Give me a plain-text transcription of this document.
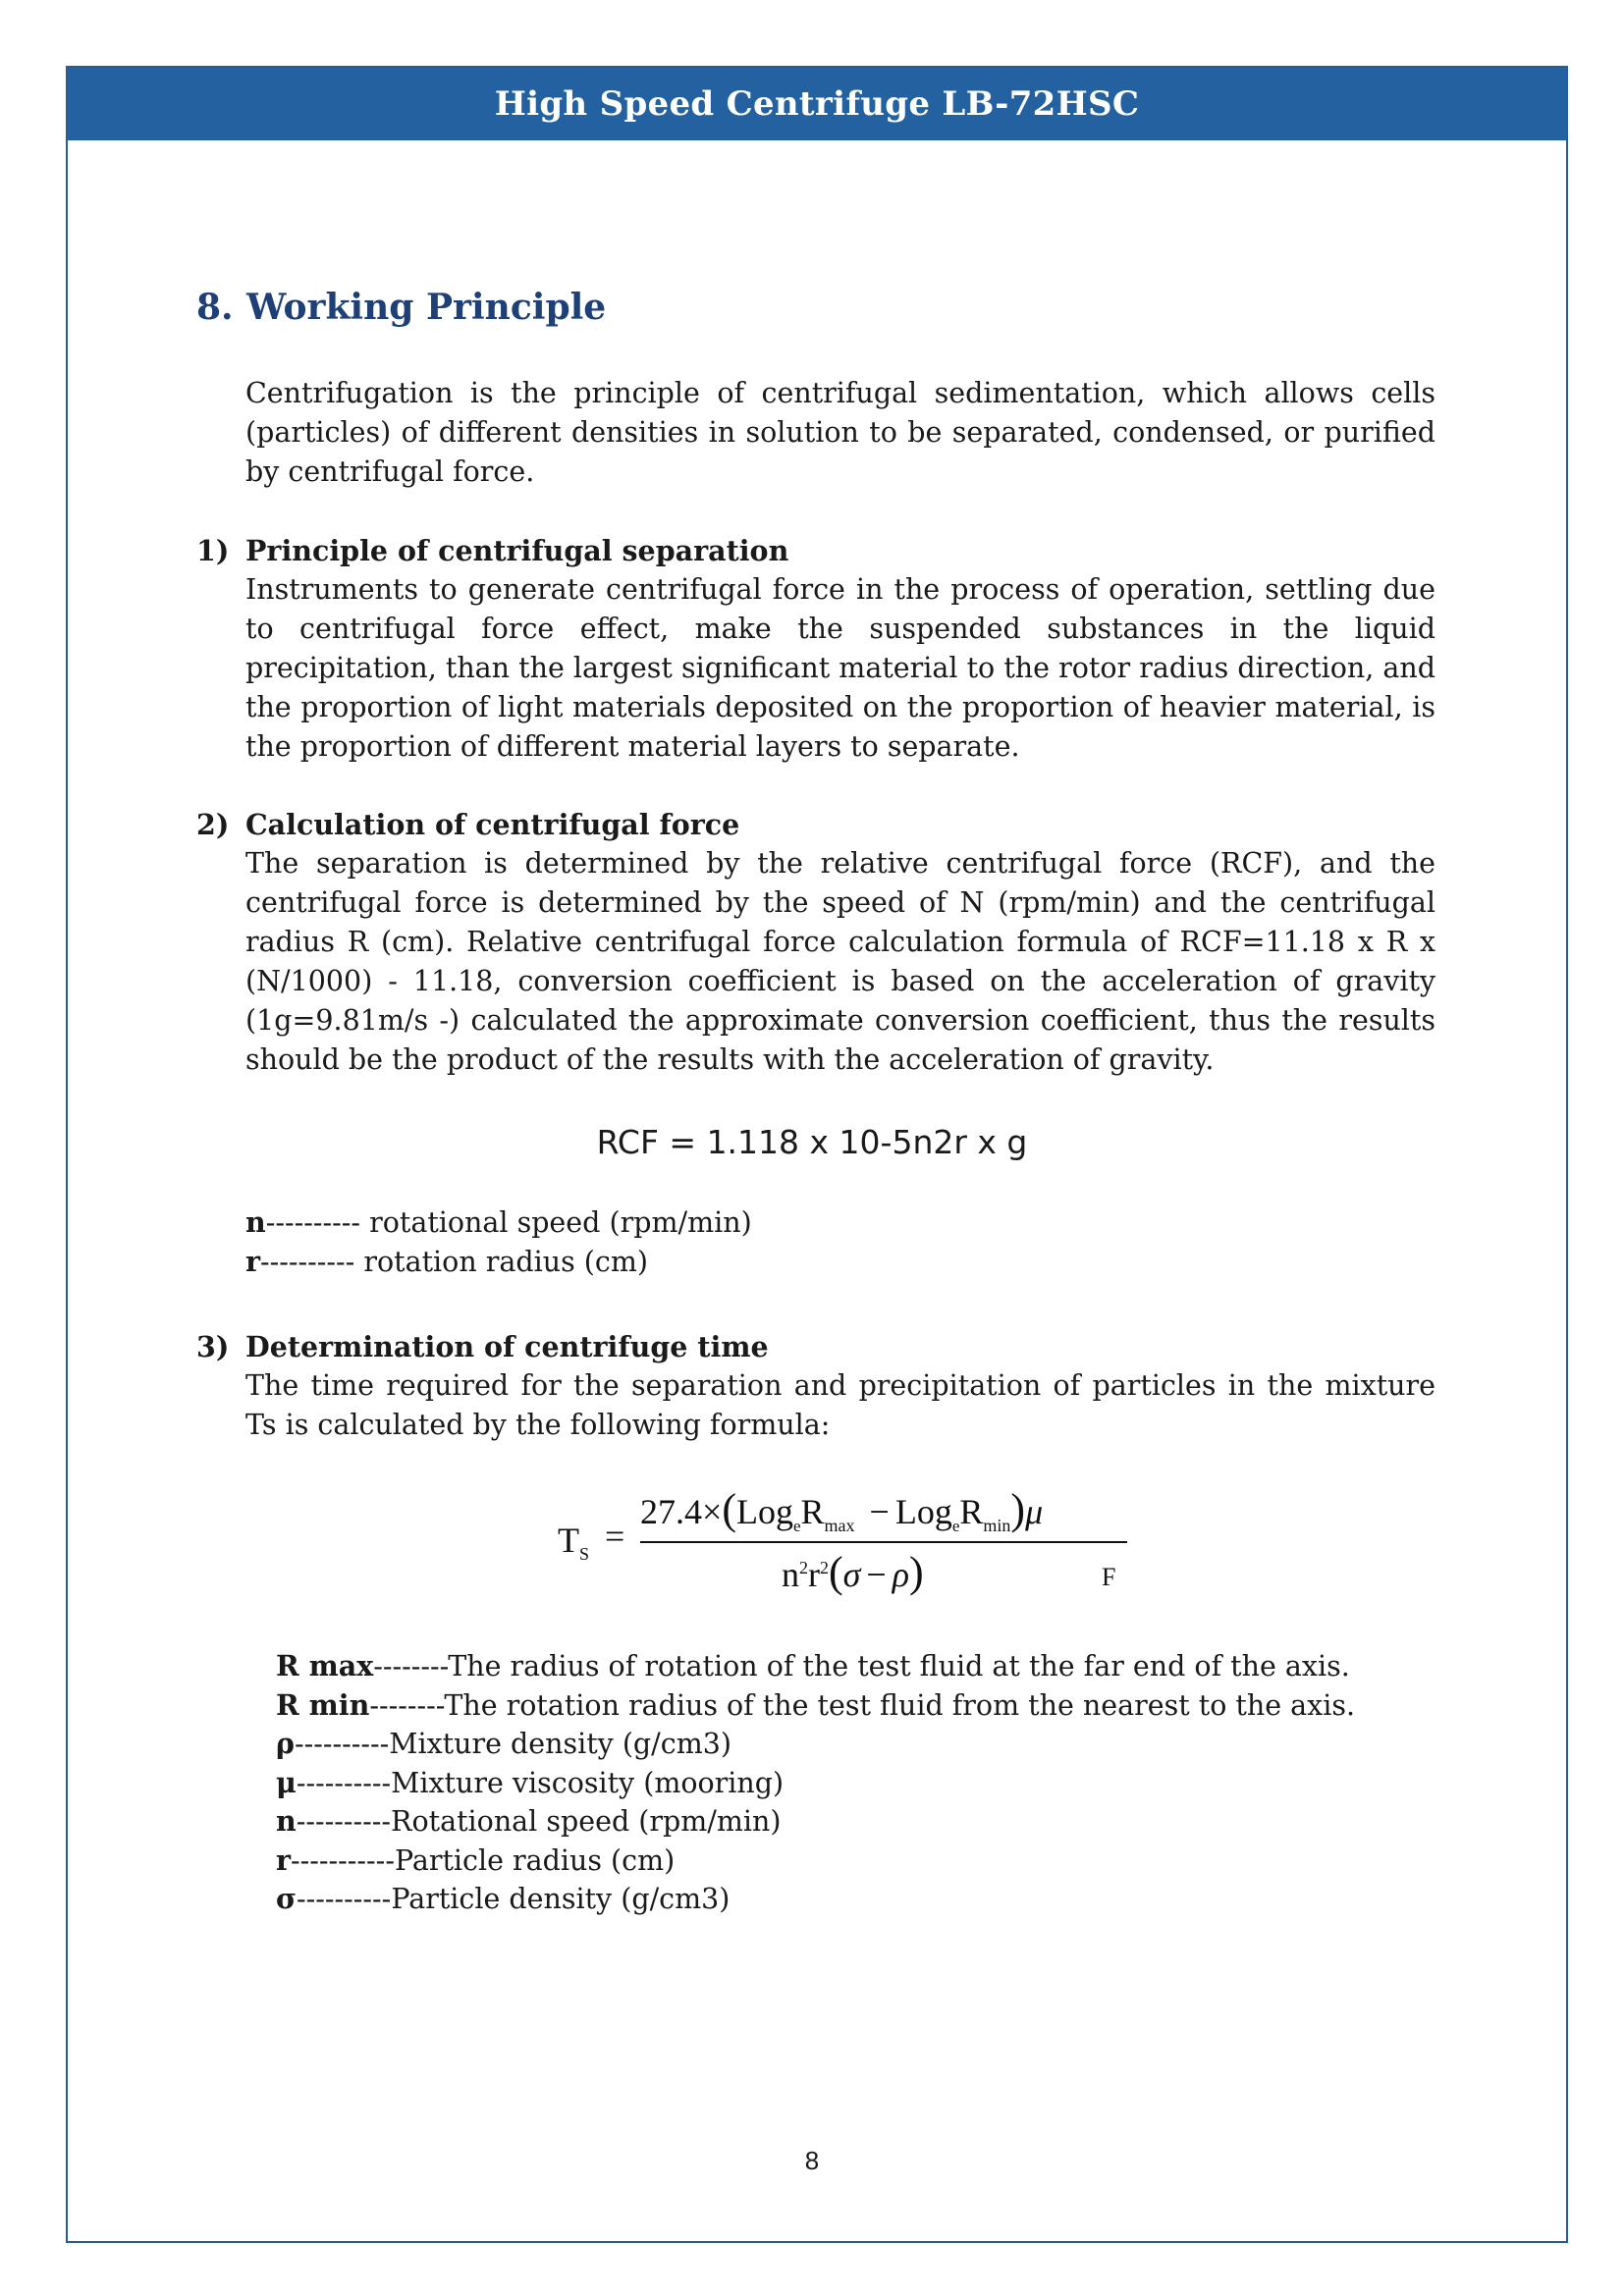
High Speed Centrifuge LB-72HSC
8. Working Principle

Centrifugation is the principle of centrifugal sedimentation, which allows cells (particles) of different densities in solution to be separated, condensed, or purified by centrifugal force.

1) Principle of centrifugal separation

Instruments to generate centrifugal force in the process of operation, settling due to centrifugal force effect, make the suspended substances in the liquid precipitation, than the largest significant material to the rotor radius direction, and the proportion of light materials deposited on the proportion of heavier material, is the proportion of different material layers to separate.

2) Calculation of centrifugal force

The separation is determined by the relative centrifugal force (RCF), and the centrifugal force is determined by the speed of N (rpm/min) and the centrifugal radius R (cm). Relative centrifugal force calculation formula of RCF=11.18 x R x (N/1000) - 11.18, conversion coefficient is based on the acceleration of gravity (1g=9.81m/s -) calculated the approximate conversion coefficient, thus the results should be the product of the results with the acceleration of gravity.

RCF = 1.118 x 10-5n2r x g
n---------- rotational speed (rpm/min)
r---------- rotation radius (cm)
3) Determination of centrifuge time

The time required for the separation and precipitation of particles in the mixture Ts is calculated by the following formula:

$T_S$ =
$27.4\times(Log_eR_{max} - Log_eR_{min})\mu$
$n^2r^2(\sigma - \rho)$	F
R max--------The radius of rotation of the test fluid at the far end of the axis.
R min--------The rotation radius of the test fluid from the nearest to the axis.
ρ----------Mixture density (g/cm3)
μ----------Mixture viscosity (mooring)
n----------Rotational speed (rpm/min)
r-----------Particle radius (cm)
σ----------Particle density (g/cm3)
8
